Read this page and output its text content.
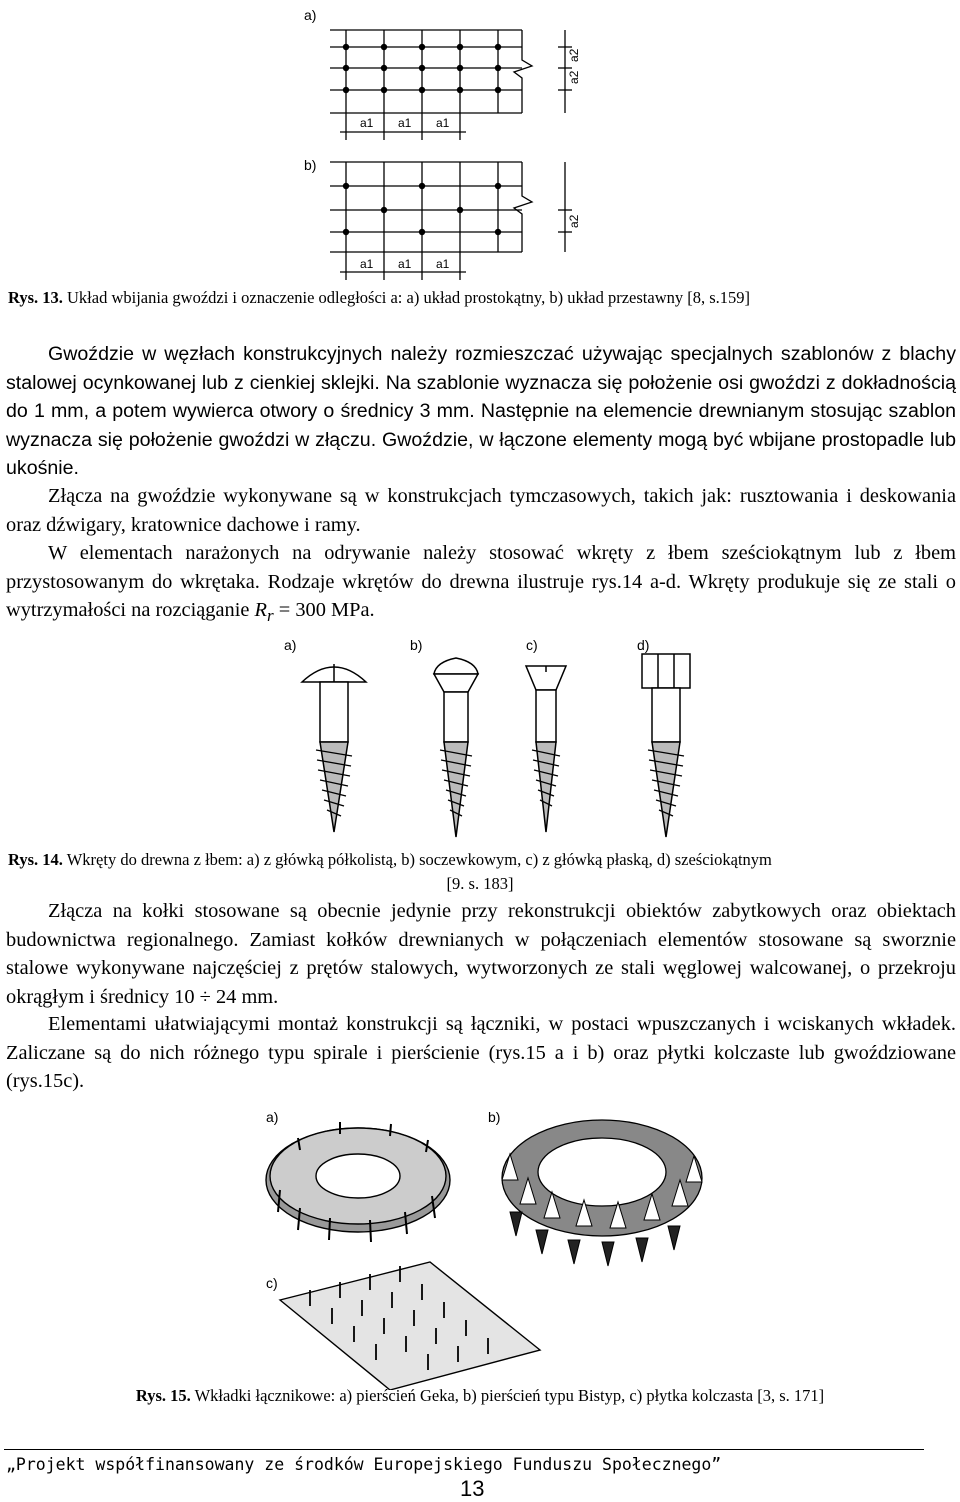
a)
a1 a1 a1
a2
a2
b)
a1 a1 a1
a2
Rys. 13. Układ wbijania gwoździ i oznaczenie odległości a: a) układ prostokątny, b) układ przestawny [8, s.159]

Gwoździe w węzłach konstrukcyjnych należy rozmieszczać używając specjalnych szablonów z blachy stalowej ocynkowanej lub z cienkiej sklejki. Na szablonie wyznacza się położenie osi gwoździ z dokładnością do 1 mm, a potem wywierca otwory o średnicy 3 mm. Następnie na elemencie drewnianym stosując szablon wyznacza się położenie gwoździ w złączu. Gwoździe, w łączone elementy mogą być wbijane prostopadle lub ukośnie.

Złącza na gwoździe wykonywane są w konstrukcjach tymczasowych, takich jak: rusztowania i deskowania oraz dźwigary, kratownice dachowe i ramy.

W elementach narażonych na odrywanie należy stosować wkręty z łbem sześciokątnym lub z łbem przystosowanym do wkrętaka. Rodzaje wkrętów do drewna ilustruje rys.14 a-d. Wkręty produkuje się ze stali o wytrzymałości na rozciąganie $R_r = 300$ MPa.

a)	b)	c)	d)
Rys. 14. Wkręty do drewna z łbem: a) z główką półkolistą, b) soczewkowym, c) z główką płaską, d) sześciokątnym
[9. s. 183]

Złącza na kołki stosowane są obecnie jedynie przy rekonstrukcji obiektów zabytkowych oraz obiektach budownictwa regionalnego. Zamiast kołków drewnianych w połączeniach elementów stosowane są sworznie stalowe wykonywane najczęściej z prętów stalowych, wytworzonych ze stali węglowej walcowanej, o przekroju okrągłym i średnicy 10 ÷ 24 mm.

Elementami ułatwiającymi montaż konstrukcji są łączniki, w postaci wpuszczanych i wciskanych wkładek. Zaliczane są do nich różnego typu spirale i pierścienie (rys.15 a i b) oraz płytki kolczaste lub gwoździowane (rys.15c).

a)	b)
c)
Rys. 15. Wkładki łącznikowe: a) pierścień Geka, b) pierścień typu Bistyp, c) płytka kolczasta [3, s. 171]
„Projekt współfinansowany ze środków Europejskiego Funduszu Społecznego”
13
